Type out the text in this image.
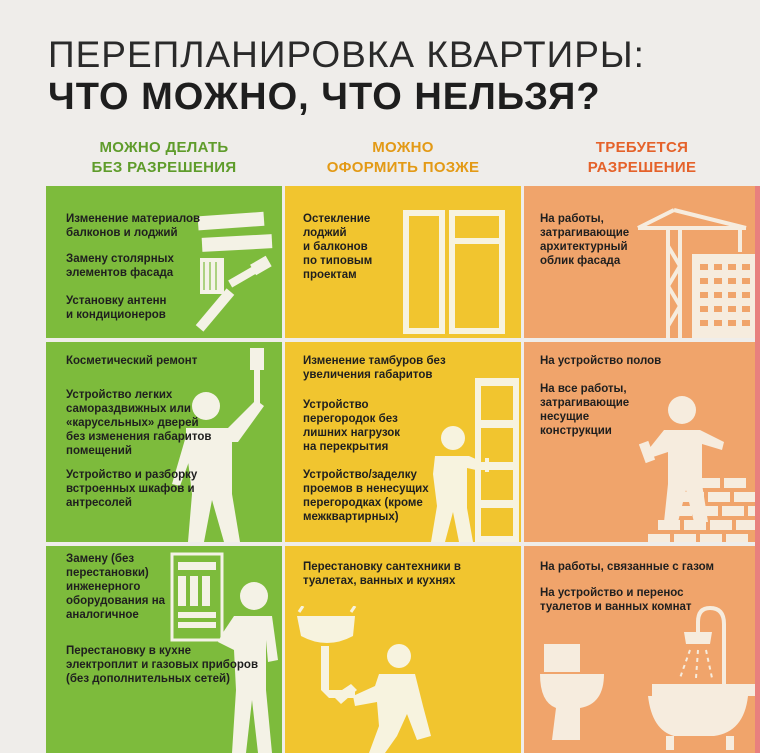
ПЕРЕПЛАНИРОВКА КВАРТИРЫ:
ЧТО МОЖНО, ЧТО НЕЛЬЗЯ?
МОЖНО ДЕЛАТЬ
БЕЗ РАЗРЕШЕНИЯ
МОЖНО
ОФОРМИТЬ ПОЗЖЕ
ТРЕБУЕТСЯ
РАЗРЕШЕНИЕ
Изменение материалов
балконов и лоджий
Замену столярных
элементов фасада
Установку антенн
и кондиционеров
Остекление
лоджий
и балконов
по типовым
проектам
На работы,
затрагивающие
архитектурный
облик фасада
Косметический ремонт
Устройство легких
самораздвижных или
«карусельных» дверей
без изменения габаритов
помещений
Устройство и разборку
встроенных шкафов и
антресолей
Изменение тамбуров без
увеличения габаритов
Устройство
перегородок без
лишних нагрузок
на перекрытия
Устройство/заделку
проемов в ненесущих
перегородках (кроме
межквартирных)
На устройство полов
На все работы,
затрагивающие
несущие
конструкции
Замену (без
перестановки)
инженерного
оборудования на
аналогичное
Перестановку в кухне
электроплит и газовых приборов
(без дополнительных сетей)
Перестановку сантехники в
туалетах, ванных и кухнях
На работы, связанные с газом
На устройство и перенос
туалетов и ванных комнат
